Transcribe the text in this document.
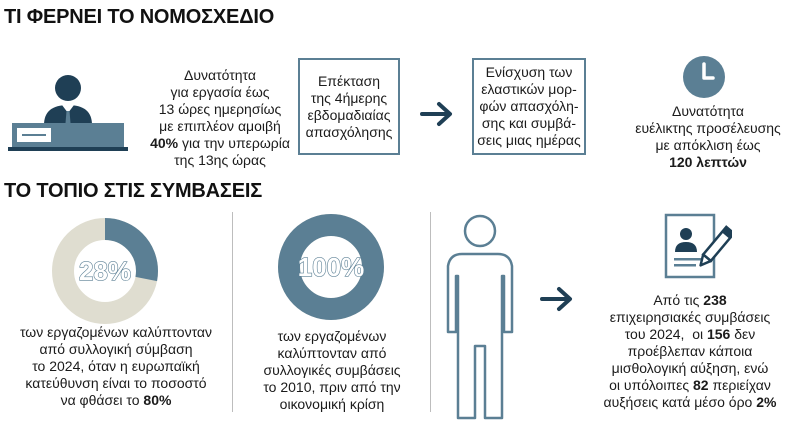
ΤΙ ΦΕΡΝΕΙ ΤΟ ΝΟΜΟΣΧΕΔΙΟ
Δυνατότητα
για εργασία έως
13 ώρες ημερησίως
με επιπλέον αμοιβή
40% για την υπερωρία
της 13ης ώρας
Επέκταση
της 4ήμερης
εβδομαδιαίας
απασχόλησης
Ενίσχυση των
ελαστικών μορ-
φών απασχόλη-
σης και συμβά-
σεις μιας ημέρας
Δυνατότητα
ευέλικτης προσέλευσης
με απόκλιση έως
120 λεπτών
ΤΟ ΤΟΠΙΟ ΣΤΙΣ ΣΥΜΒΑΣΕΙΣ
28%
των εργαζομένων καλύπτονταν
από συλλογική σύμβαση
το 2024, όταν η ευρωπαϊκή
κατεύθυνση είναι το ποσοστό
να φθάσει το 80%
100%
των εργαζομένων
καλύπτονταν από
συλλογικές συμβάσεις
το 2010, πριν από την
οικονομική κρίση
Από τις 238
επιχειρησιακές συμβάσεις
του 2024,  οι 156 δεν
προέβλεπαν κάποια
μισθολογική αύξηση, ενώ
οι υπόλοιπες 82 περιείχαν
αυξήσεις κατά μέσο όρο 2%
